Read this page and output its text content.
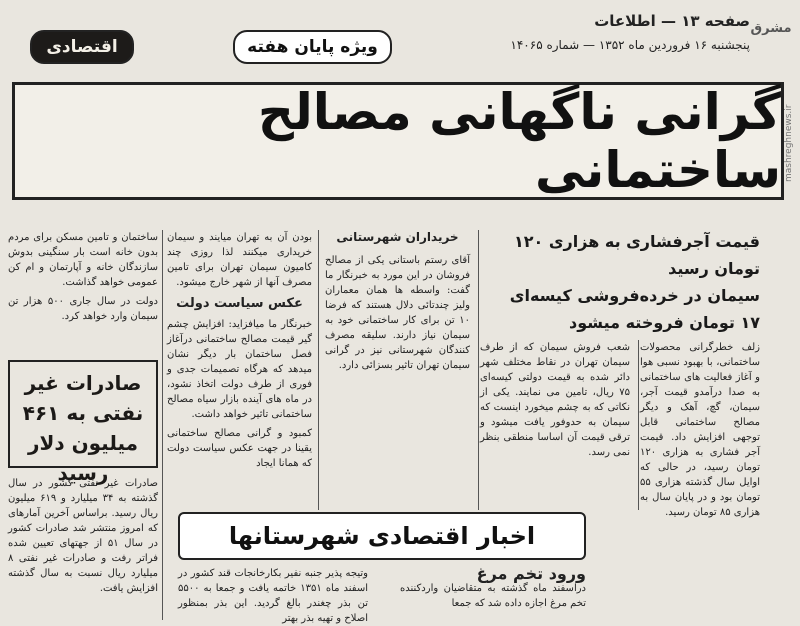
اقتصادی	ویژه پایان هفته
صفحه ۱۳ — اطلاعات
پنجشنبه ۱۶ فروردین ماه ۱۳۵۲ — شماره ۱۴۰۶۵
مشرق
mashreghnews.ir
گرانی ناگهانی مصالح ساختمانی
قیمت آجرفشاری به هزاری ۱۲۰
تومان رسید
سیمان در خرده‌فروشی کیسه‌ای
۱۷ تومان فروخته میشود

زلف خطرگرانی محصولات ساختمانی، با بهبود نسبی هوا و آغاز فعالیت های ساختمانی به صدا درآمدو قیمت آجر، سیمان، گچ، آهک و دیگر مصالح ساختمانی قابل توجهی افزایش داد. قیمت آجر فشاری به هزاری ۱۲۰ تومان رسید، در حالی که اوایل سال گذشته هزاری ۵۵ تومان بود و در پایان سال به هزاری ۸۵ تومان رسید.

شعب فروش سیمان که از طرف سیمان تهران در نقاط مختلف شهر دائر شده به قیمت دولتی کیسه‌ای ۷۵ ریال، تامین می نمایند. یکی از نکاتی که به چشم میخورد اینست که سیمان به حدوفور یافت میشود و ترقی قیمت آن اساسا منطقی بنظر نمی رسد.

خریداران شهرستانی

آقای رستم باستانی یکی از مصالح فروشان در این مورد به خبرنگار ما گفت: واسطه ها همان معماران ولیز چندتائی دلال هستند که فرضا ۱۰ تن برای کار ساختمانی خود به سیمان نیاز دارند. سلیقه مصرف کنندگان شهرستانی نیز در گرانی سیمان تهران تاثیر بسزائی دارد.

بودن آن به تهران میایند و سیمان خریداری میکنند لذا روزی چند کامیون سیمان تهران برای تامین مصرف آنها از شهر خارج میشود.

عکس سیاست دولت

خبرنگار ما میافزاید: افزایش چشم گیر قیمت مصالح ساختمانی درآغاز فصل ساختمان بار دیگر نشان میدهد که هرگاه تصمیمات جدی و فوری از طرف دولت اتخاذ نشود، در ماه های آینده بازار سیاه مصالح ساختمانی تاثیر خواهد داشت.

کمبود و گرانی مصالح ساختمانی یقینا در جهت عکس سیاست دولت که همانا ایجاد

ساختمان و تامین مسکن برای مردم بدون خانه است بار سنگینی بدوش سازندگان خانه و آپارتمان و ام کن عمومی خواهد گذاشت.

دولت در سال جاری ۵۰۰ هزار تن سیمان وارد خواهد کرد.

صادرات غیر نفتی به ۴۶۱ میلیون دلار رسید

صادرات غیر نفتی کشور در سال گذشته به ۳۴ میلیارد و ۶۱۹ میلیون ریال رسید. براساس آخرین آمارهای که امروز منتشر شد صادرات کشور در سال ۵۱ از جهتهای تعیین شده فراتر رفت و صادرات غیر نفتی ۸ میلیارد ریال نسبت به سال گذشته افزایش یافت.

اخبار اقتصادی شهرستانها

وتیجه پذیر جنبه نفیر بکارخانجات قند کشور در اسفند ماه ۱۳۵۱ خاتمه یافت و جمعا به ۵۵۰۰ تن بذر چغندر بالغ گردید. این بذر بمنظور اصلاح و تهیه بذر بهتر

ورود تخم مرغ

دراسفند ماه گذشته به متقاضیان واردکننده تخم مرغ اجازه داده شد که جمعا
